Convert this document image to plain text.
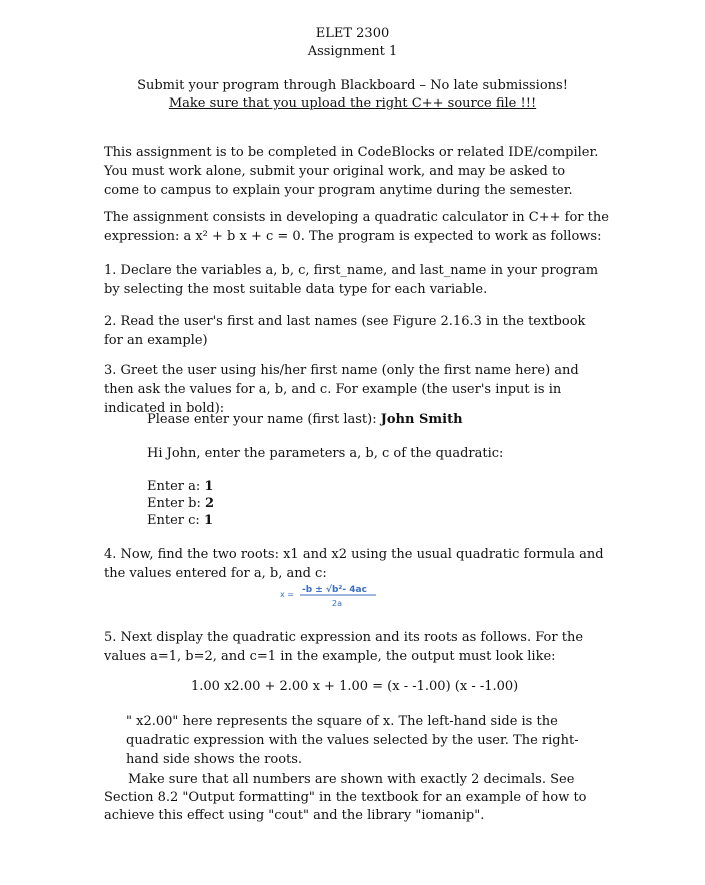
ELET 2300
Assignment 1
Submit your program through Blackboard – No late submissions!
Make sure that you upload the right C++ source file !!!
This assignment is to be completed in CodeBlocks or related IDE/compiler. You must work alone, submit your original work, and may be asked to come to campus to explain your program anytime during the semester.
The assignment consists in developing a quadratic calculator in C++ for the
expression: a x² + b x + c = 0. The program is expected to work as follows:
1. Declare the variables a, b, c, first_name, and last_name in your program by selecting the most suitable data type for each variable.
2. Read the user's first and last names (see Figure 2.16.3 in the textbook for an example)
3. Greet the user using his/her first name (only the first name here) and then ask the values for a, b, and c. For example (the user's input is in indicated in bold):
Please enter your name (first last): John Smith
Hi John, enter the parameters a, b, c of the quadratic:
Enter a: 1
Enter b: 2
Enter c: 1
4. Now, find the two roots: x1 and x2 using the usual quadratic formula and the values entered for a, b, and c:
x = -b ± √b²- 4ac
2a
5. Next display the quadratic expression and its roots as follows. For the values a=1, b=2, and c=1 in the example, the output must look like:
1.00 x2.00 + 2.00 x + 1.00 = (x - -1.00) (x - -1.00)
" x2.00" here represents the square of x. The left-hand side is the quadratic expression with the values selected by the user. The right-hand side shows the roots.
Make sure that all numbers are shown with exactly 2 decimals. See
Section 8.2 "Output formatting" in the textbook for an example of how to
achieve this effect using "cout" and the library "iomanip".
